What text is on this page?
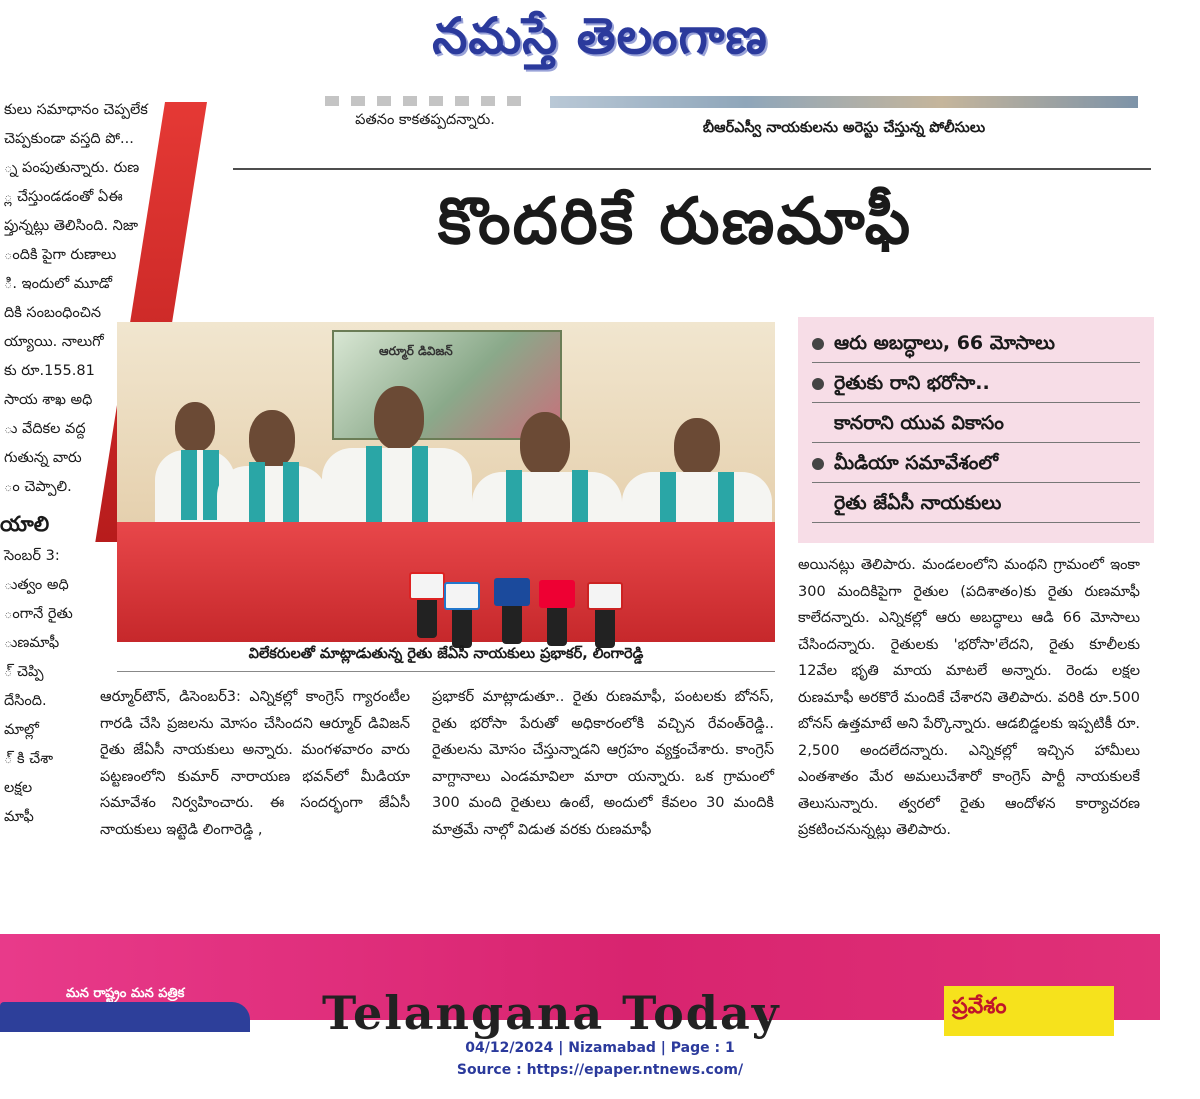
నమస్తే తెలంగాణ

కులు సమాధానం చెప్పలేక

చెప్పకుండా వస్తది పో...

్న పంపుతున్నారు. రుణ

్ల చేస్తుండడంతో ఏఈ

ప్తున్నట్లు తెలిసింది. నిజా

ందికి పైగా రుణాలు

ి. ఇందులో మూడో

దికి సంబంధించిన

య్యాయి. నాలుగో

కు రూ.155.81

సాయ శాఖ అధి

ు వేదికల వద్ద

గుతున్న వారు

ం చెప్పాలి.

యాలి

సెంబర్ 3:

ుత్వం అధి

ంగానే రైతు

ుణమాఫీ

్ చెప్పి

దేసింది.

మాల్లో

్ కి చేశా

లక్షల

మాఫీ

పతనం కాకతప్పదన్నారు.	బీఆర్‌ఎస్వీ నాయకులను అరెస్టు చేస్తున్న పోలీసులు
కొందరికే రుణమాఫీ
ఆర్మూర్ డివిజన్
విలేకరులతో మాట్లాడుతున్న రైతు జేఏసీ నాయకులు ప్రభాకర్, లింగారెడ్డి
ఆరు అబద్ధాలు, 66 మోసాలు
రైతుకు రాని భరోసా..
కానరాని యువ వికాసం
మీడియా సమావేశంలో
రైతు జేఏసీ నాయకులు

అయినట్లు తెలిపారు. మండలంలోని మంథని గ్రామంలో ఇంకా 300 మందికిపైగా రైతుల (పదిశాతం)కు రైతు రుణమాఫీ కాలేదన్నారు. ఎన్నికల్లో ఆరు అబద్ధాలు ఆడి 66 మోసాలు చేసిందన్నారు. రైతులకు 'భరోసా'లేదని, రైతు కూలీలకు 12వేల భృతి మాయ మాటలే అన్నారు. రెండు లక్షల రుణమాఫీ అరకొరే మందికే చేశారని తెలిపారు. వరికి రూ.500 బోనస్ ఉత్తమాటే అని పేర్కొన్నారు. ఆడబిడ్డలకు ఇప్పటికీ రూ. 2,500 అందలేదన్నారు. ఎన్నికల్లో ఇచ్చిన హామీలు ఎంతశాతం మేర అమలుచేశారో కాంగ్రెస్ పార్టీ నాయకులకే తెలుసున్నారు. త్వరలో రైతు ఆందోళన కార్యాచరణ ప్రకటించనున్నట్లు తెలిపారు.

ఆర్మూర్‌టౌన్, డిసెంబర్3: ఎన్నికల్లో కాంగ్రెస్ గ్యారంటీల గారడి చేసి ప్రజలను మోసం చేసిందని ఆర్మూర్ డివిజన్ రైతు జేఏసీ నాయకులు అన్నారు. మంగళవారం వారు పట్టణంలోని కుమార్ నారాయణ భవన్‌లో మీడియా సమావేశం నిర్వహించారు. ఈ సందర్భంగా జేఏసీ నాయకులు ఇట్టెడి లింగారెడ్డి ,

ప్రభాకర్ మాట్లాడుతూ.. రైతు రుణమాఫీ, పంటలకు బోనస్, రైతు భరోసా పేరుతో అధికారంలోకి వచ్చిన రేవంత్‌రెడ్డి.. రైతులను మోసం చేస్తున్నాడని ఆగ్రహం వ్యక్తంచేశారు. కాంగ్రెస్ వాగ్దానాలు ఎండమావిలా మారా యన్నారు. ఒక గ్రామంలో 300 మంది రైతులు ఉంటే, అందులో కేవలం 30 మందికి మాత్రమే నాల్గో విడుత వరకు రుణమాఫీ

మన రాష్ట్రం మన పత్రిక	Telangana Today	ప్రవేశం
04/12/2024 | Nizamabad | Page : 1
Source : https://epaper.ntnews.com/
